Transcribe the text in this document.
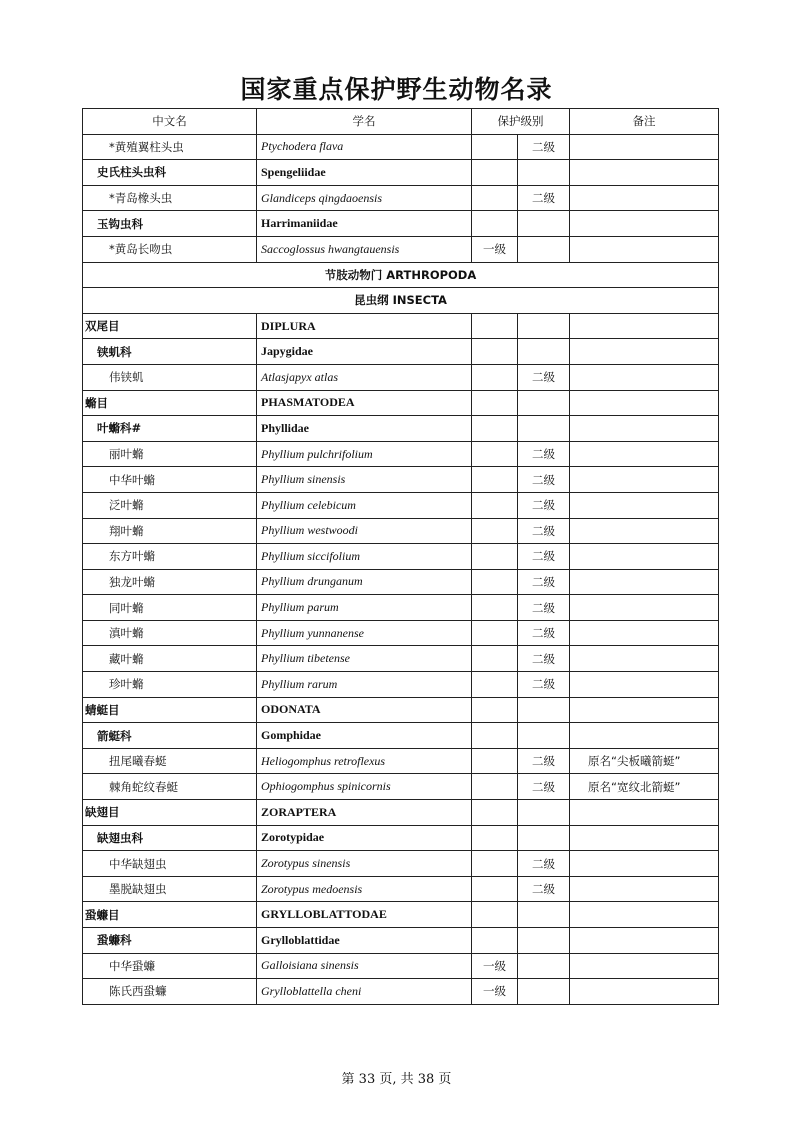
国家重点保护野生动物名录
中文名	学名	保护级别		备注
*黄殖翼柱头虫	Ptychodera flava		二级	
史氏柱头虫科	Spengeliidae			
*青岛橡头虫	Glandiceps qingdaoensis		二级	
玉钩虫科	Harrimaniidae			
*黄岛长吻虫	Saccoglossus hwangtauensis	一级		
节肢动物门 ARTHROPODA				
昆虫纲 INSECTA				
双尾目	DIPLURA			
铗虮科	Japygidae			
伟铗虮	Atlasjapyx atlas		二级	
䗛目	PHASMATODEA			
叶䗛科#	Phyllidae			
丽叶䗛	Phyllium pulchrifolium		二级	
中华叶䗛	Phyllium sinensis		二级	
泛叶䗛	Phyllium celebicum		二级	
翔叶䗛	Phyllium westwoodi		二级	
东方叶䗛	Phyllium siccifolium		二级	
独龙叶䗛	Phyllium drunganum		二级	
同叶䗛	Phyllium parum		二级	
滇叶䗛	Phyllium yunnanense		二级	
藏叶䗛	Phyllium tibetense		二级	
珍叶䗛	Phyllium rarum		二级	
蜻蜓目	ODONATA			
箭蜓科	Gomphidae			
扭尾曦春蜓	Heliogomphus retroflexus		二级	原名“尖板曦箭蜓”
棘角蛇纹春蜓	Ophiogomphus spinicornis		二级	原名“宽纹北箭蜓”
缺翅目	ZORAPTERA			
缺翅虫科	Zorotypidae			
中华缺翅虫	Zorotypus sinensis		二级	
墨脱缺翅虫	Zorotypus medoensis		二级	
蛩蠊目	GRYLLOBLATTODAE			
蛩蠊科	Grylloblattidae			
中华蛩蠊	Galloisiana sinensis	一级		
陈氏西蛩蠊	Grylloblattella cheni	一级		
第 33 页, 共 38 页
